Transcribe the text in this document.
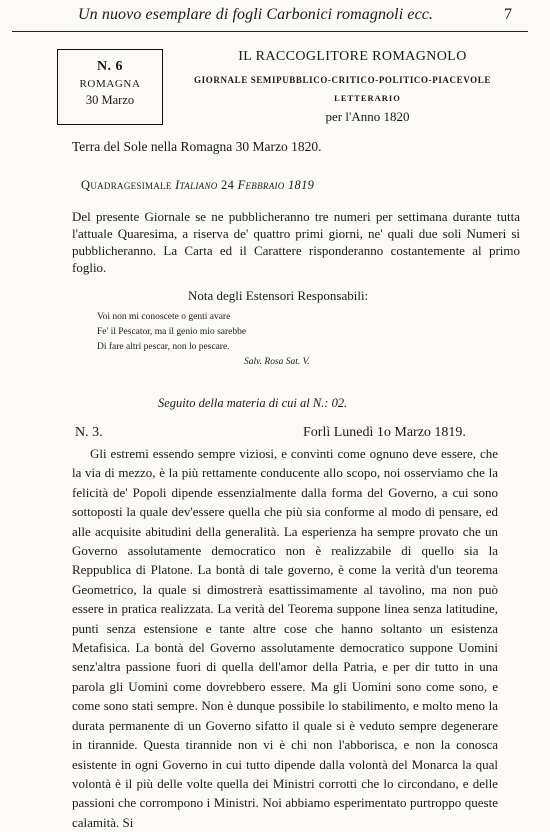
Un nuovo esemplare di fogli Carbonici romagnoli ecc.	7
N. 6
ROMAGNA
30 Marzo
IL RACCOGLITORE ROMAGNOLO
GIORNALE SEMIPUBBLICO-CRITICO-POLITICO-PIACEVOLE
LETTERARIO
per l'Anno 1820
Terra del Sole nella Romagna 30 Marzo 1820.
Quadragesimale Italiano 24 Febbraio 1819
Del presente Giornale se ne pubblicheranno tre numeri per settimana durante tutta l'attuale Quaresima, a riserva de' quattro primi giorni, ne' quali due soli Numeri si pubblicheranno. La Carta ed il Carattere risponderanno costantemente al primo foglio.
Nota degli Estensori Responsabili:
Voi non mi conoscete o genti avare
Fe' il Pescator, ma il genio mio sarebbe
Di fare altri pescar, non lo pescare.
Salv. Rosa Sat. V.
Seguito della materia di cui al N.: 02.
N. 3.	Forlì Lunedì 1o Marzo 1819.
Gli estremi essendo sempre viziosi, e convinti come ognuno deve essere, che la via di mezzo, è la più rettamente conducente allo scopo, noi osserviamo che la felicità de' Popoli dipende essenzialmente dalla forma del Governo, a cui sono sottoposti la quale dev'essere quella che più sia conforme al modo di pensare, ed alle acquisite abitudini della generalità. La esperienza ha sempre provato che un Governo assolutamente democratico non è realizzabile di quello sia la Reppublica di Platone. La bontà di tale governo, è come la verità d'un teorema Geometrico, la quale si dimostrerà esattissimamente al tavolino, ma non può essere in pratica realizzata. La verità del Teorema suppone linea senza latitudine, punti senza estensione e tante altre cose che hanno soltanto un esistenza Metafisica. La bontà del Governo assolutamente democratico suppone Uomini senz'altra passione fuori di quella dell'amor della Patria, e per dir tutto in una parola gli Uomini come dovrebbero essere. Ma gli Uomini sono come sono, e come sono stati sempre. Non è dunque possibile lo stabilimento, e molto meno la durata permanente di un Governo sifatto il quale si è veduto sempre degenerare in tirannide. Questa tirannide non vi è chi non l'abborisca, e non la conosca esistente in ogni Governo in cui tutto dipende dalla volontà del Monarca la qual volontà è il più delle volte quella dei Ministri corrotti che lo circondano, e delle passioni che corrompono i Ministri. Noi abbiamo esperimentato purtroppo queste calamità. Si
